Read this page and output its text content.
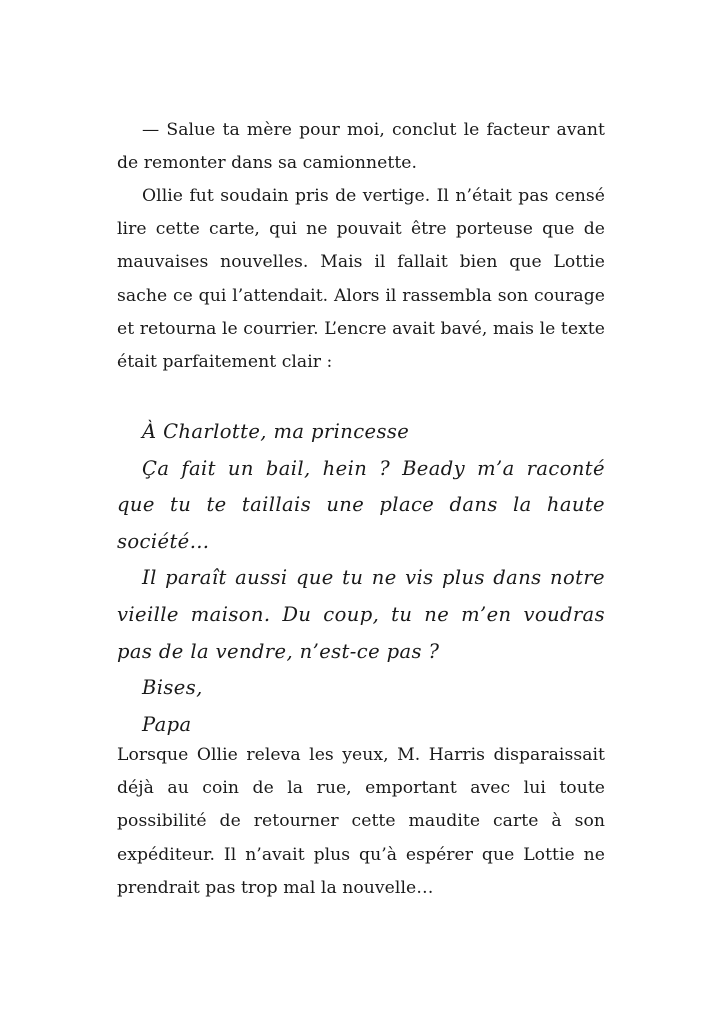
— Salue ta mère pour moi, conclut le facteur avant de remonter dans sa camionnette.

Ollie fut soudain pris de vertige. Il n’était pas censé lire cette carte, qui ne pouvait être porteuse que de mauvaises nouvelles. Mais il fallait bien que Lottie sache ce qui l’attendait. Alors il rassembla son courage et retourna le courrier. L’encre avait bavé, mais le texte était parfaitement clair :

À Charlotte, ma princesse

Ça fait un bail, hein ? Beady m’a raconté que tu te taillais une place dans la haute société…

Il paraît aussi que tu ne vis plus dans notre vieille maison. Du coup, tu ne m’en voudras pas de la vendre, n’est-ce pas ?

Bises,

Papa

Lorsque Ollie releva les yeux, M. Harris disparaissait déjà au coin de la rue, emportant avec lui toute possibilité de retourner cette maudite carte à son expéditeur. Il n’avait plus qu’à espérer que Lottie ne prendrait pas trop mal la nouvelle…
